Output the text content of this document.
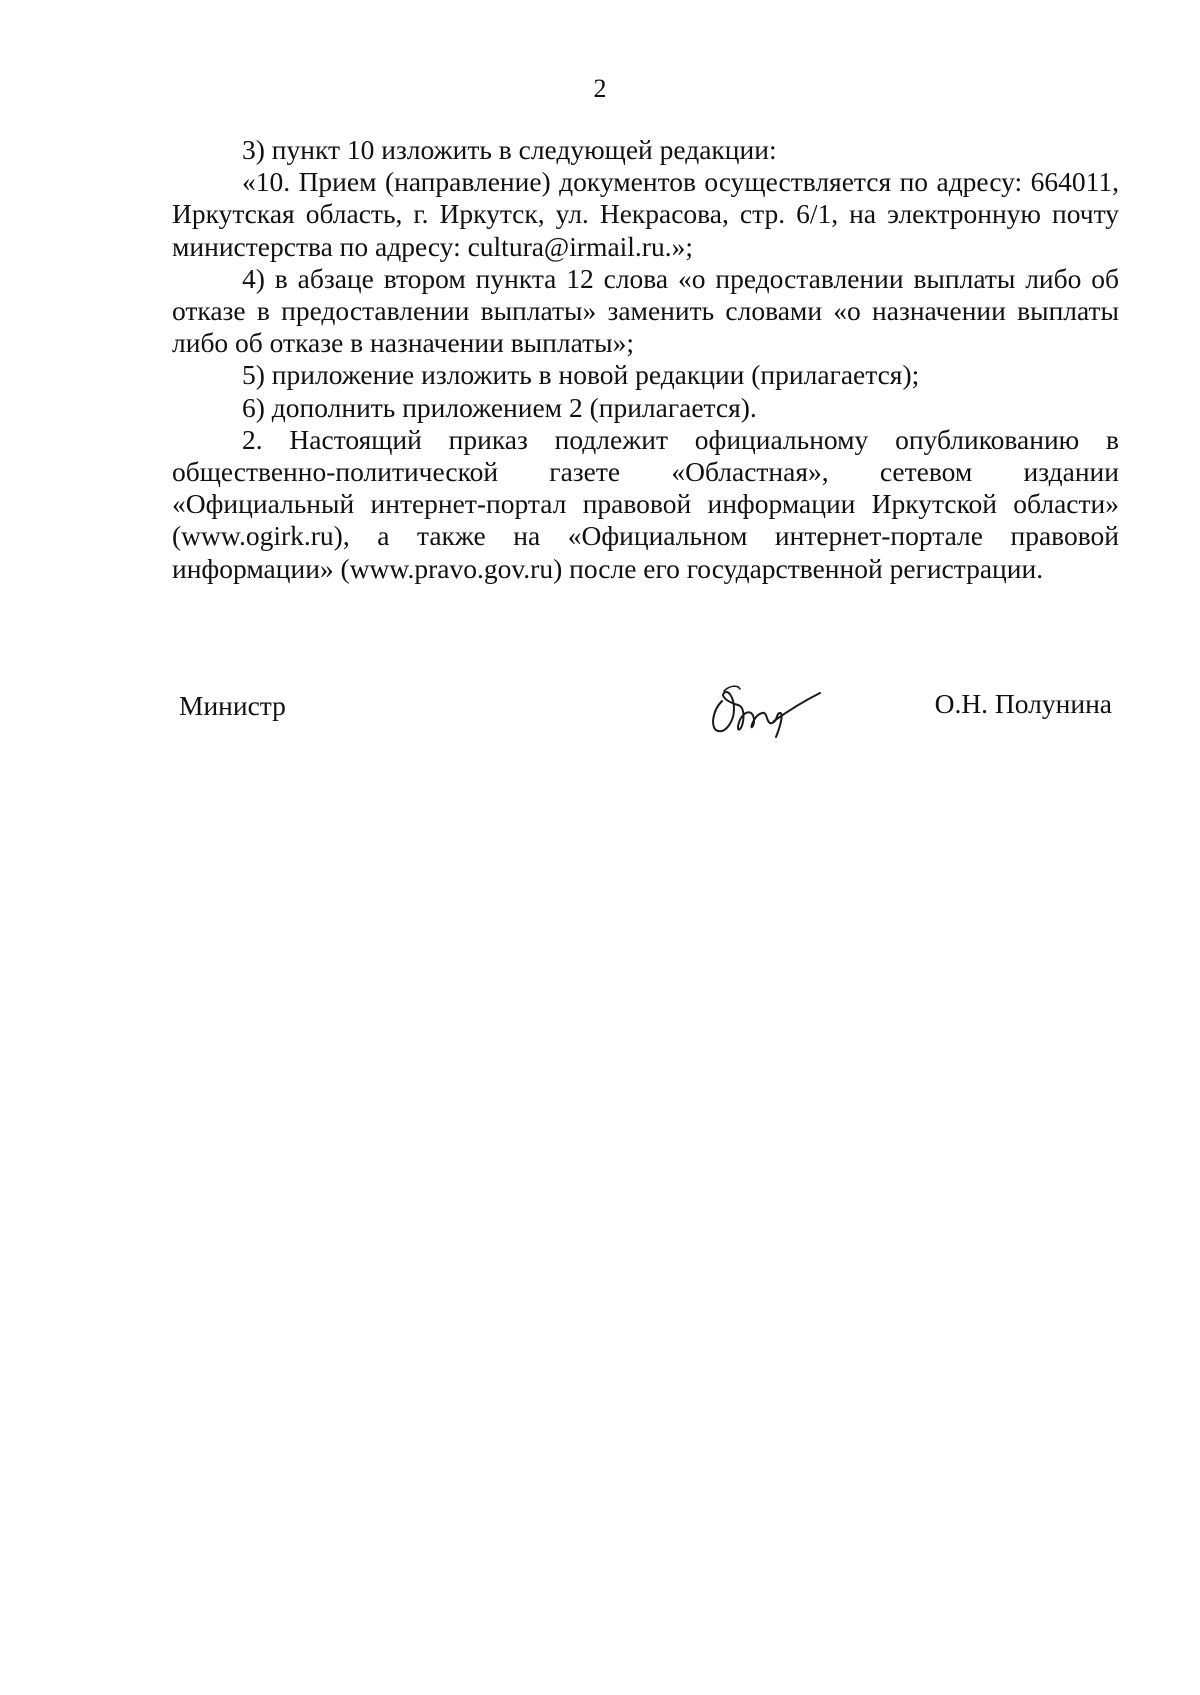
2

3) пункт 10 изложить в следующей редакции:

«10. Прием (направление) документов осуществляется по адресу: 664011, Иркутская область, г. Иркутск, ул. Некрасова, стр. 6/1, на электронную почту министерства по адресу: cultura@irmail.ru.»;

4) в абзаце втором пункта 12 слова «о предоставлении выплаты либо об отказе в предоставлении выплаты» заменить словами «о назначении выплаты либо об отказе в назначении выплаты»;

5) приложение изложить в новой редакции (прилагается);

6) дополнить приложением 2 (прилагается).

2. Настоящий приказ подлежит официальному опубликованию в общественно-политической газете «Областная», сетевом издании «Официальный интернет-портал правовой информации Иркутской области» (www.ogirk.ru), а также на «Официальном интернет-портале правовой информации» (www.pravo.gov.ru) после его государственной регистрации.

Министр	О.Н. Полунина
